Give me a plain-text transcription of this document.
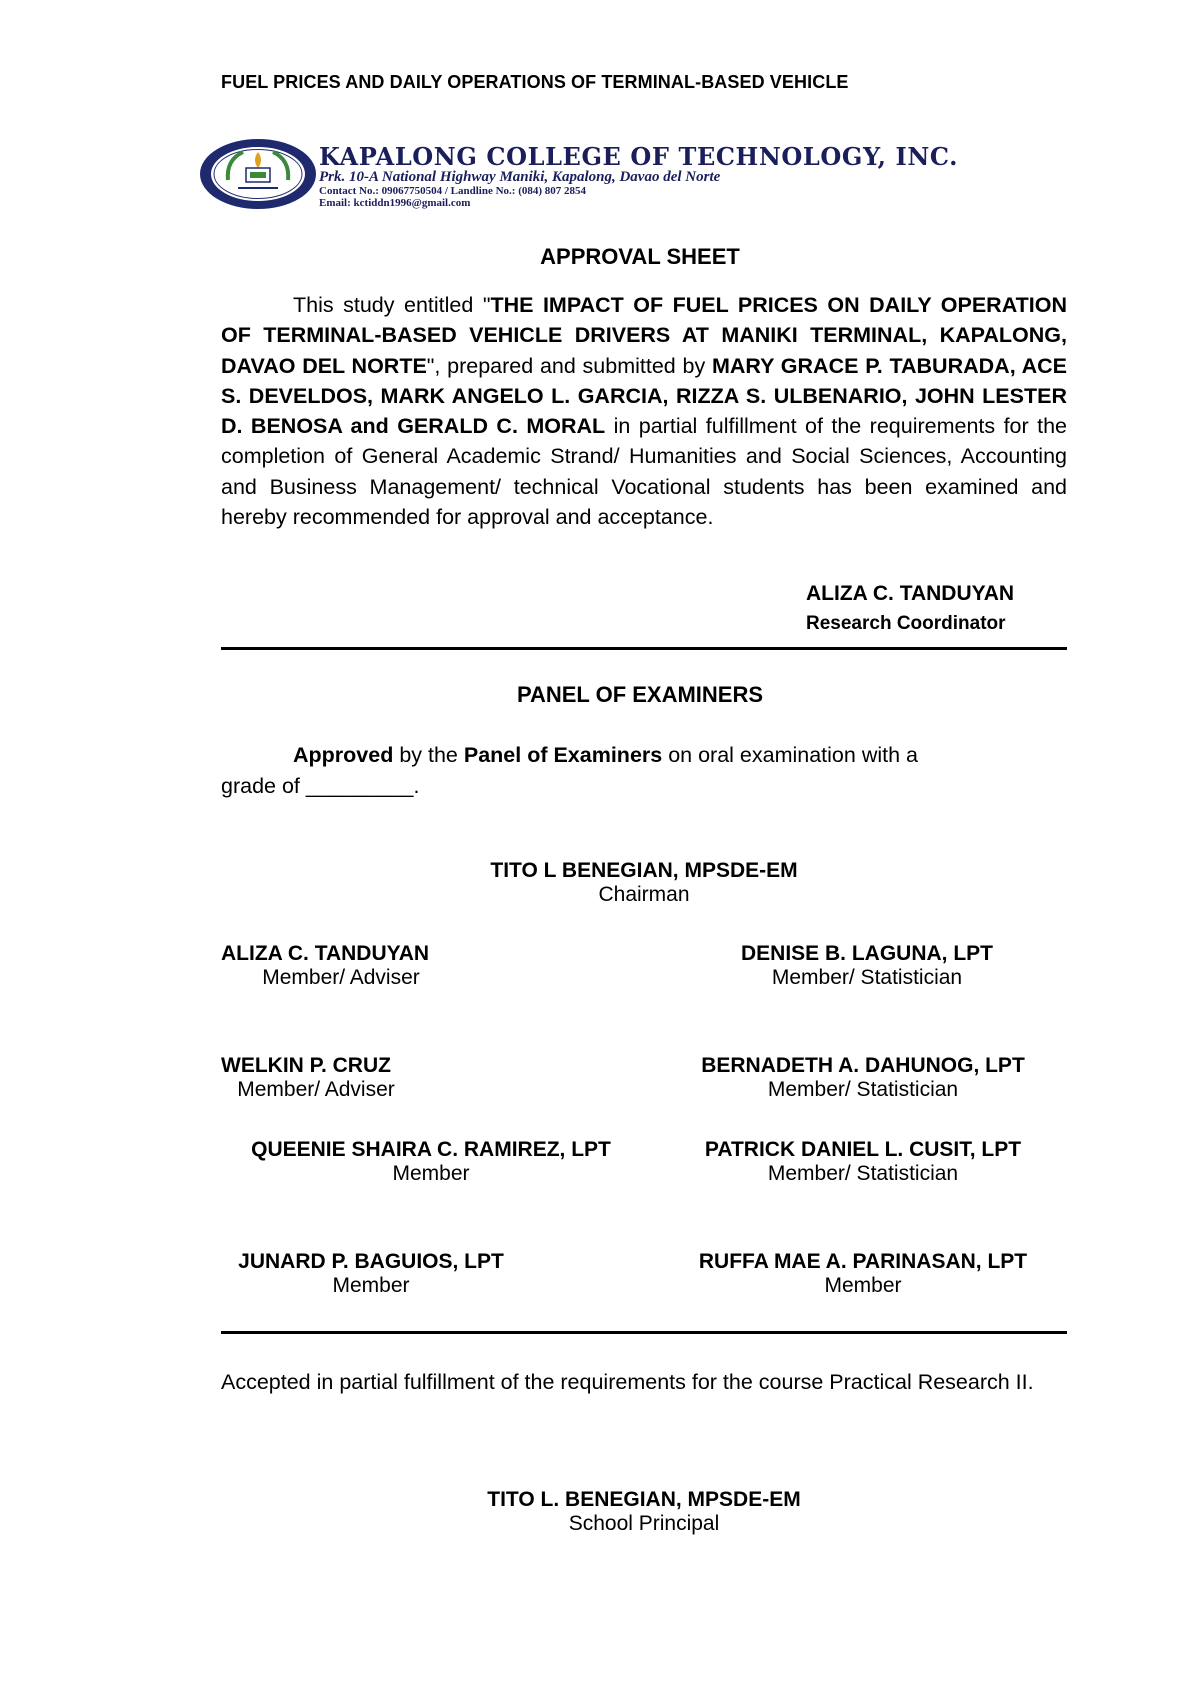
FUEL PRICES AND DAILY OPERATIONS OF TERMINAL-BASED VEHICLE
KAPALONG COLLEGE OF TECHNOLOGY, INC.
Prk. 10-A National Highway Maniki, Kapalong, Davao del Norte
Contact No.: 09067750504 / Landline No.: (084) 807 2854
Email: kctiddn1996@gmail.com
APPROVAL SHEET
This study entitled "THE IMPACT OF FUEL PRICES ON DAILY OPERATION OF TERMINAL-BASED VEHICLE DRIVERS AT MANIKI TERMINAL, KAPALONG, DAVAO DEL NORTE", prepared and submitted by MARY GRACE P. TABURADA, ACE S. DEVELDOS, MARK ANGELO L. GARCIA, RIZZA S. ULBENARIO, JOHN LESTER D. BENOSA and GERALD C. MORAL in partial fulfillment of the requirements for the completion of General Academic Strand/ Humanities and Social Sciences, Accounting and Business Management/ technical Vocational students has been examined and hereby recommended for approval and acceptance.
ALIZA C. TANDUYAN
Research Coordinator
PANEL OF EXAMINERS
Approved by the Panel of Examiners on oral examination with a
grade of _________.
TITO L BENEGIAN, MPSDE-EM
Chairman
ALIZA C. TANDUYAN
Member/ Adviser
DENISE B. LAGUNA, LPT
Member/ Statistician
WELKIN P. CRUZ
Member/ Adviser
BERNADETH A. DAHUNOG, LPT
Member/ Statistician
QUEENIE SHAIRA C. RAMIREZ, LPT
Member
PATRICK DANIEL L. CUSIT, LPT
Member/ Statistician
JUNARD P. BAGUIOS, LPT
Member
RUFFA MAE A. PARINASAN, LPT
Member
Accepted in partial fulfillment of the requirements for the course Practical Research II.
TITO L. BENEGIAN, MPSDE-EM
School Principal
